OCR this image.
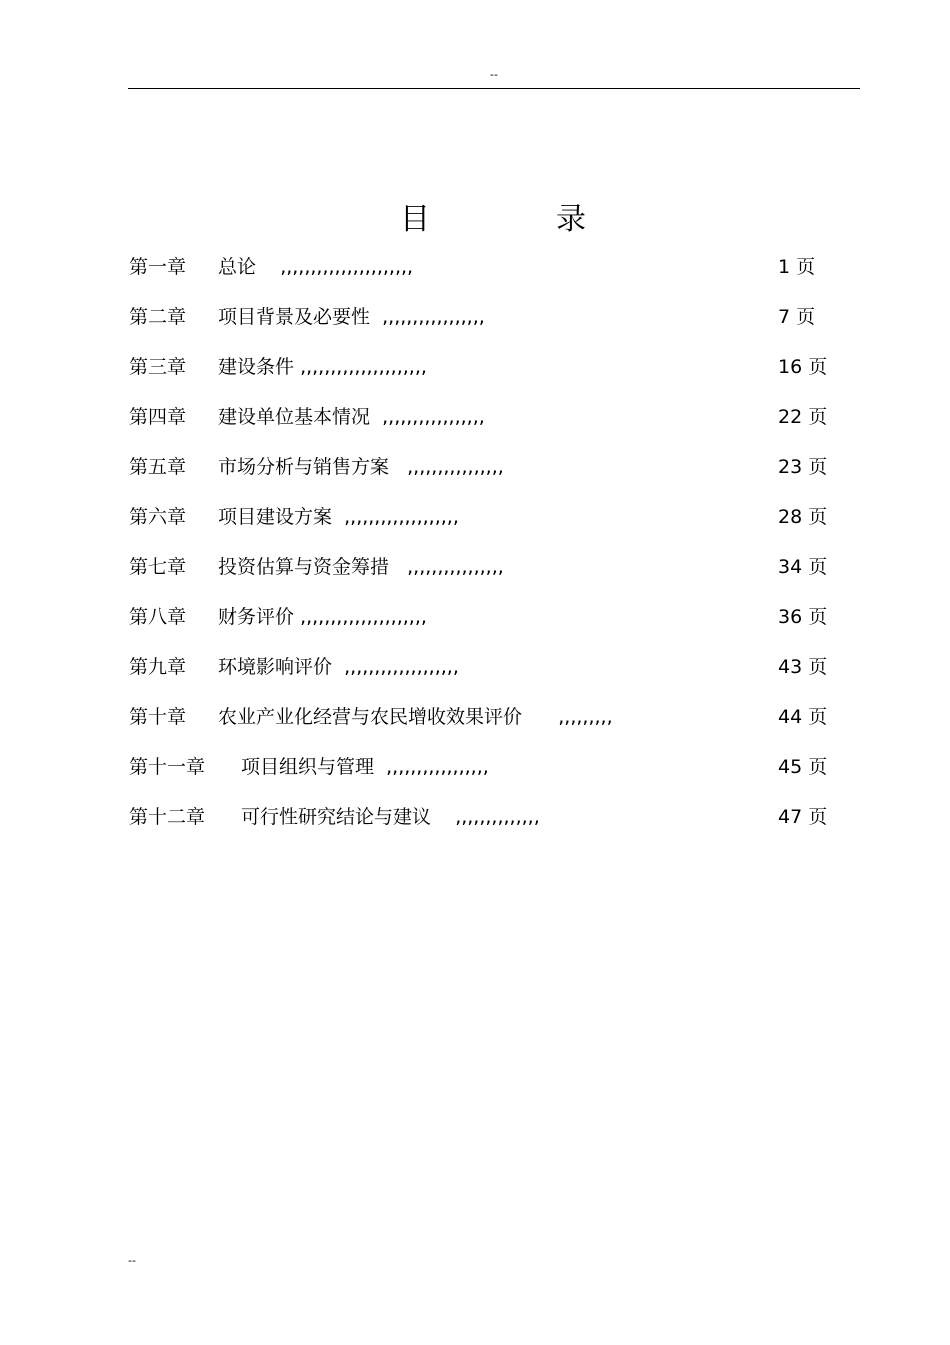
--
目	录
第一章 总论 ,,,,,,,,,,,,,,,,,,,,,,	1 页
第二章 项目背景及必要性 ,,,,,,,,,,,,,,,,,	7 页
第三章 建设条件 ,,,,,,,,,,,,,,,,,,,,,	16 页
第四章 建设单位基本情况 ,,,,,,,,,,,,,,,,,	22 页
第五章 市场分析与销售方案 ,,,,,,,,,,,,,,,,	23 页
第六章 项目建设方案 ,,,,,,,,,,,,,,,,,,,	28 页
第七章 投资估算与资金筹措 ,,,,,,,,,,,,,,,,	34 页
第八章 财务评价 ,,,,,,,,,,,,,,,,,,,,,	36 页
第九章 环境影响评价 ,,,,,,,,,,,,,,,,,,,	43 页
第十章 农业产业化经营与农民增收效果评价 ,,,,,,,,,	44 页
第十一章 项目组织与管理 ,,,,,,,,,,,,,,,,,	45 页
第十二章 可行性研究结论与建议 ,,,,,,,,,,,,,,	47 页
--
